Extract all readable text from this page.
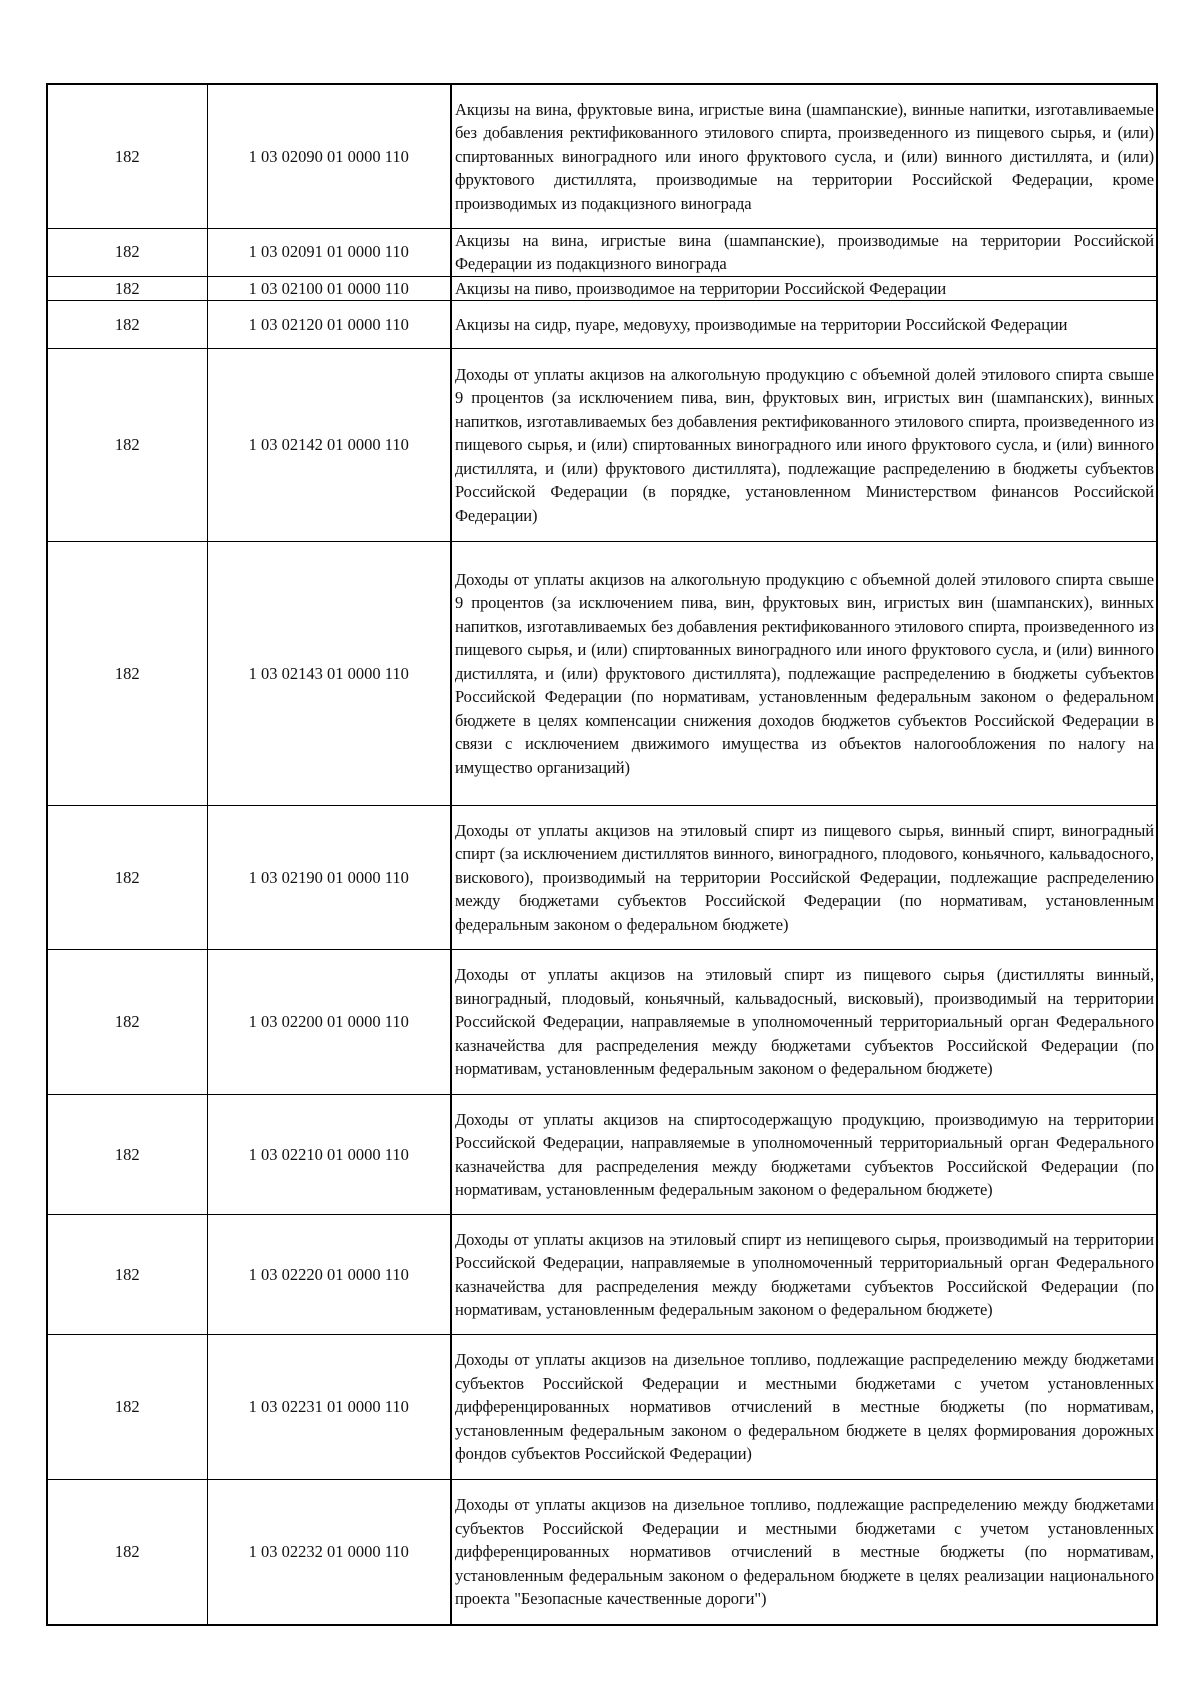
182	1 03 02090 01 0000 110	Акцизы на вина, фруктовые вина, игристые вина (шампанские), винные напитки, изготавливаемые без добавления ректификованного этилового спирта, произведенного из пищевого сырья, и (или) спиртованных виноградного или иного фруктового сусла, и (или) винного дистиллята, и (или) фруктового дистиллята, производимые на территории Российской Федерации, кроме производимых из подакцизного винограда
182	1 03 02091 01 0000 110	Акцизы на вина, игристые вина (шампанские), производимые на территории Российской Федерации из подакцизного винограда
182	1 03 02100 01 0000 110	Акцизы на пиво, производимое на территории Российской Федерации
182	1 03 02120 01 0000 110	Акцизы на сидр, пуаре, медовуху, производимые на территории Российской Федерации
182	1 03 02142 01 0000 110	Доходы от уплаты акцизов на алкогольную продукцию с объемной долей этилового спирта свыше 9 процентов (за исключением пива, вин, фруктовых вин, игристых вин (шампанских), винных напитков, изготавливаемых без добавления ректификованного этилового спирта, произведенного из пищевого сырья, и (или) спиртованных виноградного или иного фруктового сусла, и (или) винного дистиллята, и (или) фруктового дистиллята), подлежащие распределению в бюджеты субъектов Российской Федерации (в порядке, установленном Министерством финансов Российской Федерации)
182	1 03 02143 01 0000 110	Доходы от уплаты акцизов на алкогольную продукцию с объемной долей этилового спирта свыше 9 процентов (за исключением пива, вин, фруктовых вин, игристых вин (шампанских), винных напитков, изготавливаемых без добавления ректификованного этилового спирта, произведенного из пищевого сырья, и (или) спиртованных виноградного или иного фруктового сусла, и (или) винного дистиллята, и (или) фруктового дистиллята), подлежащие распределению в бюджеты субъектов Российской Федерации (по нормативам, установленным федеральным законом о федеральном бюджете в целях компенсации снижения доходов бюджетов субъектов Российской Федерации в связи с исключением движимого имущества из объектов налогообложения по налогу на имущество организаций)
182	1 03 02190 01 0000 110	Доходы от уплаты акцизов на этиловый спирт из пищевого сырья, винный спирт, виноградный спирт (за исключением дистиллятов винного, виноградного, плодового, коньячного, кальвадосного, вискового), производимый на территории Российской Федерации, подлежащие распределению между бюджетами субъектов Российской Федерации (по нормативам, установленным федеральным законом о федеральном бюджете)
182	1 03 02200 01 0000 110	Доходы от уплаты акцизов на этиловый спирт из пищевого сырья (дистилляты винный, виноградный, плодовый, коньячный, кальвадосный, висковый), производимый на территории Российской Федерации, направляемые в уполномоченный территориальный орган Федерального казначейства для распределения между бюджетами субъектов Российской Федерации (по нормативам, установленным федеральным законом о федеральном бюджете)
182	1 03 02210 01 0000 110	Доходы от уплаты акцизов на спиртосодержащую продукцию, производимую на территории Российской Федерации, направляемые в уполномоченный территориальный орган Федерального казначейства для распределения между бюджетами субъектов Российской Федерации (по нормативам, установленным федеральным законом о федеральном бюджете)
182	1 03 02220 01 0000 110	Доходы от уплаты акцизов на этиловый спирт из непищевого сырья, производимый на территории Российской Федерации, направляемые в уполномоченный территориальный орган Федерального казначейства для распределения между бюджетами субъектов Российской Федерации (по нормативам, установленным федеральным законом о федеральном бюджете)
182	1 03 02231 01 0000 110	Доходы от уплаты акцизов на дизельное топливо, подлежащие распределению между бюджетами субъектов Российской Федерации и местными бюджетами с учетом установленных дифференцированных нормативов отчислений в местные бюджеты (по нормативам, установленным федеральным законом о федеральном бюджете в целях формирования дорожных фондов субъектов Российской Федерации)
182	1 03 02232 01 0000 110	Доходы от уплаты акцизов на дизельное топливо, подлежащие распределению между бюджетами субъектов Российской Федерации и местными бюджетами с учетом установленных дифференцированных нормативов отчислений в местные бюджеты (по нормативам, установленным федеральным законом о федеральном бюджете в целях реализации национального проекта "Безопасные качественные дороги")
